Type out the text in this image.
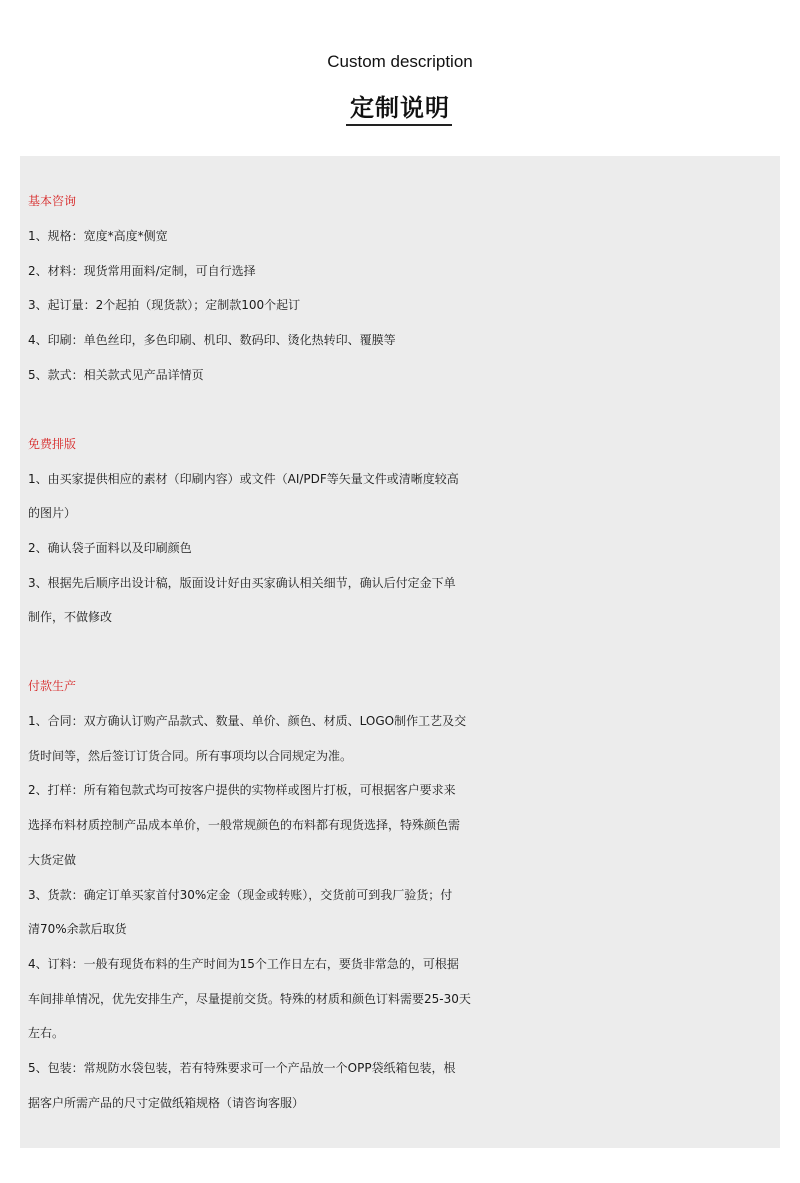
Custom description
定制说明
基本咨询
1、规格：宽度*高度*侧宽
2、材料：现货常用面料/定制，可自行选择
3、起订量：2个起拍（现货款）；定制款100个起订
4、印刷：单色丝印，多色印刷、机印、数码印、烫化热转印、覆膜等
5、款式：相关款式见产品详情页
免费排版
1、由买家提供相应的素材（印刷内容）或文件（AI/PDF等矢量文件或清晰度较高
的图片）
2、确认袋子面料以及印刷颜色
3、根据先后顺序出设计稿，版面设计好由买家确认相关细节，确认后付定金下单
制作，不做修改
付款生产
1、合同：双方确认订购产品款式、数量、单价、颜色、材质、LOGO制作工艺及交
货时间等，然后签订订货合同。所有事项均以合同规定为准。
2、打样：所有箱包款式均可按客户提供的实物样或图片打板，可根据客户要求来
选择布料材质控制产品成本单价，一般常规颜色的布料都有现货选择，特殊颜色需
大货定做
3、货款：确定订单买家首付30%定金（现金或转账），交货前可到我厂验货；付
清70%余款后取货
4、订料：一般有现货布料的生产时间为15个工作日左右，要货非常急的，可根据
车间排单情况，优先安排生产，尽量提前交货。特殊的材质和颜色订料需要25-30天
左右。
5、包装：常规防水袋包装，若有特殊要求可一个产品放一个OPP袋纸箱包装，根
据客户所需产品的尺寸定做纸箱规格（请咨询客服）
